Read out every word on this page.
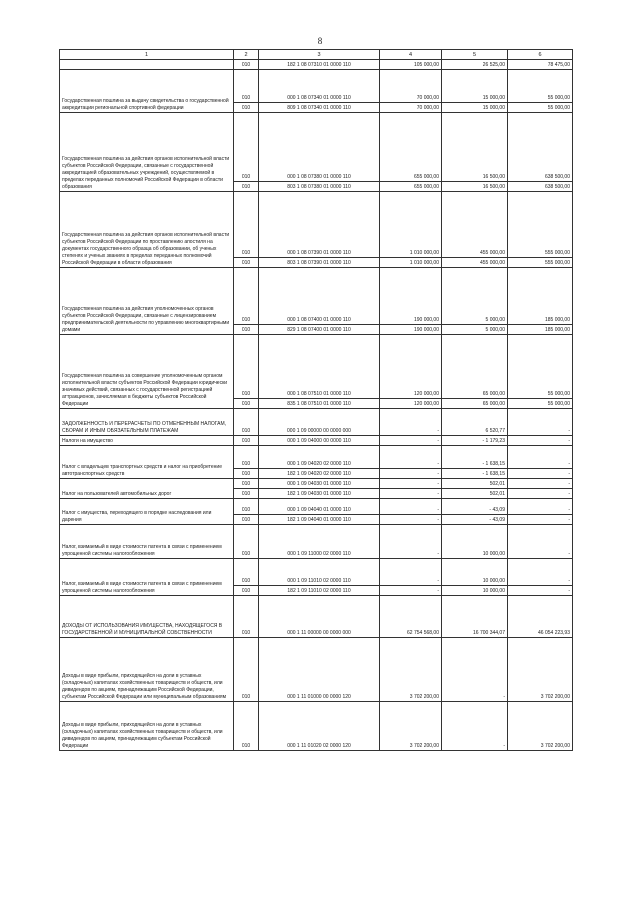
8
1	2	3	4	5	6
	010	182 1 08 07310 01 0000 110	105 000,00	26 525,00	78 475,00
Государственная пошлина за выдачу свидетельства о государственной аккредитации региональной спортивной федерации	010	000 1 08 07340 01 0000 110	70 000,00	15 000,00	55 000,00
	010	809 1 08 07340 01 0000 110	70 000,00	15 000,00	55 000,00
Государственная пошлина за действия органов исполнительной власти субъектов Российской Федерации, связанные с государственной аккредитацией образовательных учреждений, осуществляемой в пределах переданных полномочий Российской Федерации в области образования	010	000 1 08 07380 01 0000 110	655 000,00	16 500,00	638 500,00
	010	803 1 08 07380 01 0000 110	655 000,00	16 500,00	638 500,00
Государственная пошлина за действия органов исполнительной власти субъектов Российской Федерации по проставлению апостиля на документах государственного образца об образовании, об ученых степенях и ученых званиях в пределах переданных полномочий Российской Федерации в области образования	010	000 1 08 07390 01 0000 110	1 010 000,00	455 000,00	555 000,00
	010	803 1 08 07390 01 0000 110	1 010 000,00	455 000,00	555 000,00
Государственная пошлина за действия уполномоченных органов субъектов Российской Федерации, связанные с лицензированием предпринимательской деятельности по управлению многоквартирными домами	010	000 1 08 07400 01 0000 110	190 000,00	5 000,00	185 000,00
	010	829 1 08 07400 01 0000 110	190 000,00	5 000,00	185 000,00
Государственная пошлина за совершение уполномоченным органом исполнительной власти субъектов Российской Федерации юридически значимых действий, связанных с государственной регистрацией аттракционов, зачисляемая в бюджеты субъектов Российской Федерации	010	000 1 08 07510 01 0000 110	120 000,00	65 000,00	55 000,00
	010	835 1 08 07510 01 0000 110	120 000,00	65 000,00	55 000,00
ЗАДОЛЖЕННОСТЬ И ПЕРЕРАСЧЕТЫ ПО ОТМЕНЕННЫМ НАЛОГАМ, СБОРАМ И ИНЫМ ОБЯЗАТЕЛЬНЫМ ПЛАТЕЖАМ	010	000 1 09 00000 00 0000 000	-	6 520,77	-
Налоги на имущество	010	000 1 09 04000 00 0000 110	-	- 1 179,23	-
Налог с владельцев транспортных средств и налог на приобретение автотранспортных средств	010	000 1 09 04020 02 0000 110	-	- 1 638,15	-
	010	182 1 09 04020 02 0000 110	-	- 1 638,15	-
Налог на пользователей автомобильных дорог	010	000 1 09 04030 01 0000 110	-	502,01	-
	010	182 1 09 04030 01 0000 110	-	502,01	-
Налог с имущества, переходящего в порядке наследования или дарения	010	000 1 09 04040 01 0000 110	-	- 43,09	-
	010	182 1 09 04040 01 0000 110	-	- 43,09	-
Налог, взимаемый в виде стоимости патента в связи с применением упрощенной системы налогообложения	010	000 1 09 11000 02 0000 110	-	10 000,00	-
Налог, взимаемый в виде стоимости патента в связи с применением упрощенной системы налогообложения	010	000 1 09 11010 02 0000 110	-	10 000,00	-
	010	182 1 09 11010 02 0000 110	-	10 000,00	-
ДОХОДЫ ОТ ИСПОЛЬЗОВАНИЯ ИМУЩЕСТВА, НАХОДЯЩЕГОСЯ В ГОСУДАРСТВЕННОЙ И МУНИЦИПАЛЬНОЙ СОБСТВЕННОСТИ	010	000 1 11 00000 00 0000 000	62 754 568,00	16 700 344,07	46 054 223,93
Доходы в виде прибыли, приходящейся на доли в уставных (складочных) капиталах хозяйственных товариществ и обществ, или дивидендов по акциям, принадлежащим Российской Федерации, субъектам Российской Федерации или муниципальным образованиям	010	000 1 11 01000 00 0000 120	3 702 200,00	-	3 702 200,00
Доходы в виде прибыли, приходящейся на доли в уставных (складочных) капиталах хозяйственных товариществ и обществ, или дивидендов по акциям, принадлежащим субъектам Российской Федерации	010	000 1 11 01020 02 0000 120	3 702 200,00	-	3 702 200,00
